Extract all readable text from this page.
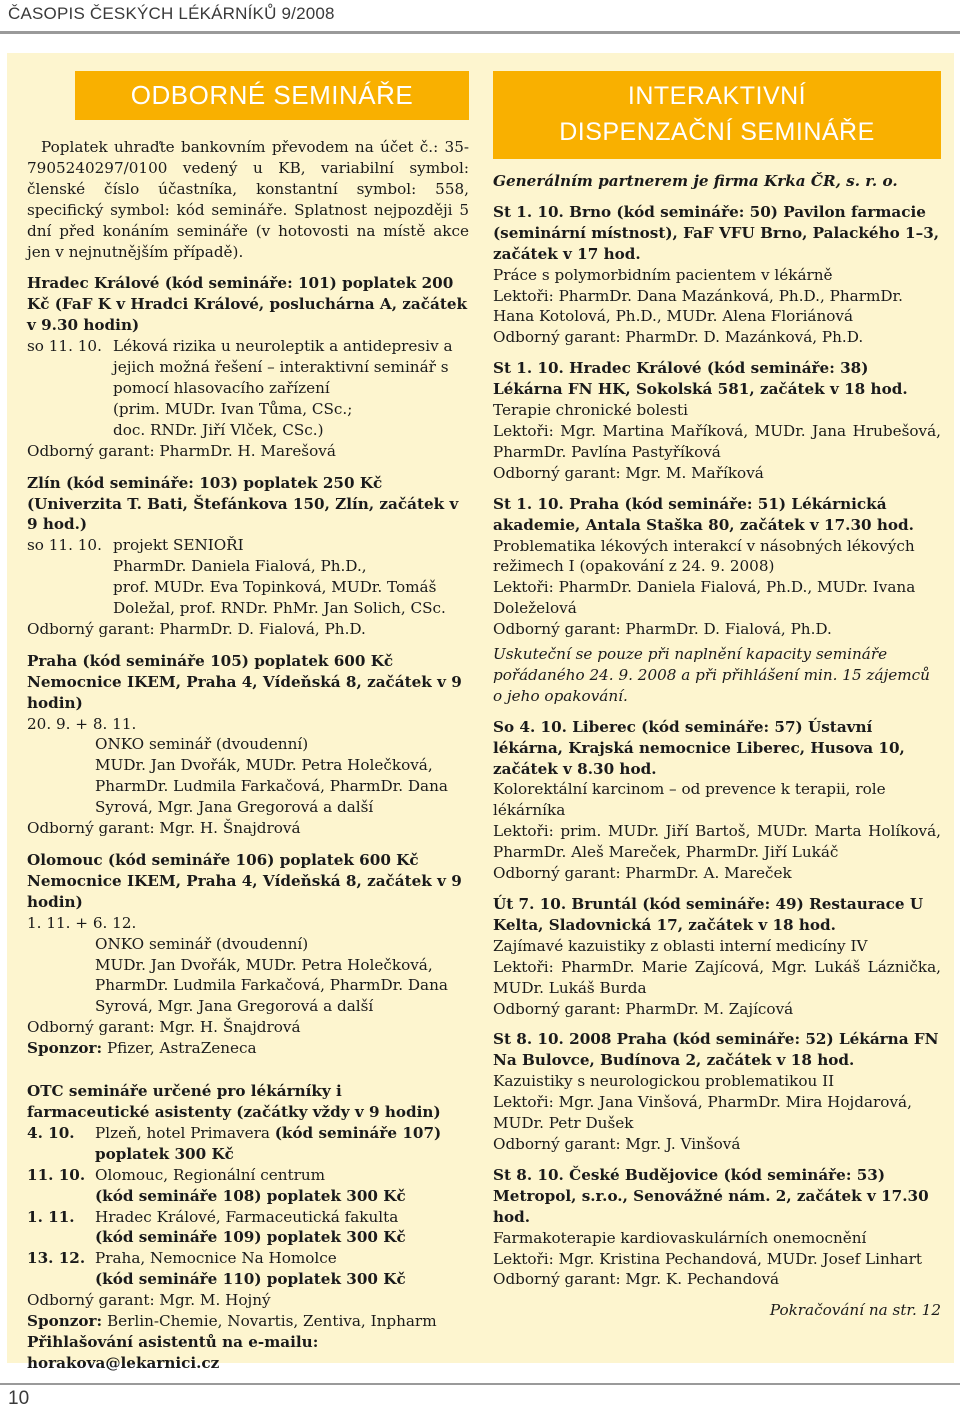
ČASOPIS ČESKÝCH LÉKÁRNÍKŮ 9/2008
ODBORNÉ SEMINÁŘE

Poplatek uhraďte bankovním převodem na účet č.: 35-7905240297/0100 vedený u KB, variabilní symbol: členské číslo účastníka, konstantní symbol: 558, specifický symbol: kód semináře. Splatnost nejpozději 5 dní před konáním semináře (v hotovosti na místě akce jen v nejnutnějším případě).

Hradec Králové (kód semináře: 101) poplatek 200 Kč (FaF K v Hradci Králové, posluchárna A, začátek v 9.30 hodin)

so 11. 10. Léková rizika u neuroleptik a antidepresiv a jejich možná řešení – interaktivní seminář s pomocí hlasovacího zařízení

(prim. MUDr. Ivan Tůma, CSc.;

doc. RNDr. Jiří Vlček, CSc.)

Odborný garant: PharmDr. H. Marešová

Zlín (kód semináře: 103) poplatek 250 Kč (Univerzita T. Bati, Štefánkova 150, Zlín, začátek v 9 hod.)

so 11. 10. projekt SENIOŘI

PharmDr. Daniela Fialová, Ph.D.,

prof. MUDr. Eva Topinková, MUDr. Tomáš Doležal, prof. RNDr. PhMr. Jan Solich, CSc.

Odborný garant: PharmDr. D. Fialová, Ph.D.

Praha (kód semináře 105) poplatek 600 Kč Nemocnice IKEM, Praha 4, Vídeňská 8, začátek v 9 hodin)

20. 9. + 8. 11.

ONKO seminář (dvoudenní)

MUDr. Jan Dvořák, MUDr. Petra Holečková, PharmDr. Ludmila Farkačová, PharmDr. Dana Syrová, Mgr. Jana Gregorová a další

Odborný garant: Mgr. H. Šnajdrová

Olomouc (kód semináře 106) poplatek 600 Kč Nemocnice IKEM, Praha 4, Vídeňská 8, začátek v 9 hodin)

1. 11. + 6. 12.

ONKO seminář (dvoudenní)

MUDr. Jan Dvořák, MUDr. Petra Holečková, PharmDr. Ludmila Farkačová, PharmDr. Dana Syrová, Mgr. Jana Gregorová a další

Odborný garant: Mgr. H. Šnajdrová

Sponzor: Pfizer, AstraZeneca

OTC semináře určené pro lékárníky i farmaceutické asistenty (začátky vždy v 9 hodin)

4. 10.	Plzeň, hotel Primavera (kód semináře 107) poplatek 300 Kč
11. 10. Olomouc, Regionální centrum
(kód semináře 108) poplatek 300 Kč
1. 11.	Hradec Králové, Farmaceutická fakulta
(kód semináře 109) poplatek 300 Kč
13. 12. Praha, Nemocnice Na Homolce
(kód semináře 110) poplatek 300 Kč

Odborný garant: Mgr. M. Hojný

Sponzor: Berlin-Chemie, Novartis, Zentiva, Inpharm

Přihlašování asistentů na e-mailu: horakova@lekarnici.cz

INTERAKTIVNÍ
DISPENZAČNÍ SEMINÁŘE

Generálním partnerem je firma Krka ČR, s. r. o.

St 1. 10. Brno (kód semináře: 50) Pavilon farmacie (seminární místnost), FaF VFU Brno, Palackého 1–3, začátek v 17 hod.

Práce s polymorbidním pacientem v lékárně

Lektoři: PharmDr. Dana Mazánková, Ph.D., PharmDr. Hana Kotolová, Ph.D., MUDr. Alena Floriánová

Odborný garant: PharmDr. D. Mazánková, Ph.D.

St 1. 10. Hradec Králové (kód semináře: 38) Lékárna FN HK, Sokolská 581, začátek v 18 hod.

Terapie chronické bolesti

Lektoři: Mgr. Martina Maříková, MUDr. Jana Hrubešová, PharmDr. Pavlína Pastyříková

Odborný garant: Mgr. M. Maříková

St 1. 10. Praha (kód semináře: 51) Lékárnická akademie, Antala Staška 80, začátek v 17.30 hod.

Problematika lékových interakcí v násobných lékových režimech I (opakování z 24. 9. 2008)

Lektoři: PharmDr. Daniela Fialová, Ph.D., MUDr. Ivana Doleželová

Odborný garant: PharmDr. D. Fialová, Ph.D.

Uskuteční se pouze při naplnění kapacity semináře pořádaného 24. 9. 2008 a při přihlášení min. 15 zájemců o jeho opakování.

So 4. 10. Liberec (kód semináře: 57) Ústavní lékárna, Krajská nemocnice Liberec, Husova 10, začátek v 8.30 hod.

Kolorektální karcinom – od prevence k terapii, role lékárníka

Lektoři: prim. MUDr. Jiří Bartoš, MUDr. Marta Holíková, PharmDr. Aleš Mareček, PharmDr. Jiří Lukáč

Odborný garant: PharmDr. A. Mareček

Út 7. 10. Bruntál (kód semináře: 49) Restaurace U Kelta, Sladovnická 17, začátek v 18 hod.

Zajímavé kazuistiky z oblasti interní medicíny IV

Lektoři: PharmDr. Marie Zajícová, Mgr. Lukáš Láznička, MUDr. Lukáš Burda

Odborný garant: PharmDr. M. Zajícová

St 8. 10. 2008 Praha (kód semináře: 52) Lékárna FN Na Bulovce, Budínova 2, začátek v 18 hod.

Kazuistiky s neurologickou problematikou II

Lektoři: Mgr. Jana Vinšová, PharmDr. Mira Hojdarová, MUDr. Petr Dušek

Odborný garant: Mgr. J. Vinšová

St 8. 10. České Budějovice (kód semináře: 53) Metropol, s.r.o., Senovážné nám. 2, začátek v 17.30 hod.

Farmakoterapie kardiovaskulárních onemocnění

Lektoři: Mgr. Kristina Pechandová, MUDr. Josef Linhart

Odborný garant: Mgr. K. Pechandová

Pokračování na str. 12

10
